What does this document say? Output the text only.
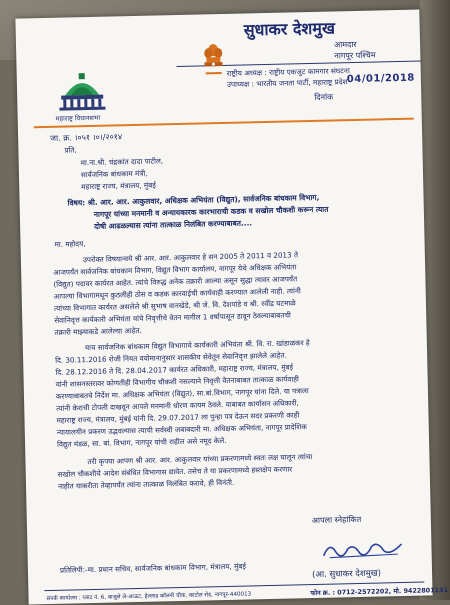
सुधाकर देशमुख
आमदार
नागपूर पश्चिम
राष्ट्रीय अध्यक्ष : राष्ट्रीय एकजुट कामगार संघटना
उपाध्यक्ष : भारतीय जनता पार्टी, महाराष्ट्र प्रदेश 04/01/2018
दिनांक
महाराष्ट्र विधानसभा
जा. क्र. ।०५१ ।०।/२०१४
प्रति,
मा.ना.श्री. चंद्रकांत दादा पाटील,
सार्वजनिक बांधकाम मंत्री,
महाराष्ट्र राज्य, मंत्रालय, मुंबई
विषय: श्री. आर. आर. आकुलवार, अधिक्षक अभियंता (विद्युत), सार्वजनिक बांधकाम विभाग,
नागपूर यांच्या मनमानी व अन्यायकारक कारभाराची कडक व सखोल चौकशी करून त्यात
दोषी आढळल्यास त्यांना तात्काळ निलंबित करण्याबाबत....
मा. महोदय,
उपरोक्त विषयान्वये श्री आर. आर. आकुलवार हे सन 2005 ते 2011 व 2013 ते
आजपर्यंत सार्वजनिक बांधकाम विभाग, विद्युत विभाग कार्यालय, नागपूर येथे अधिक्षक अभियंता
(विद्युत) पदावर कार्यरत आहेत. त्यांचे विरुद्ध अनेक तक्रारी आल्या असून सुद्धा त्यावर आजपर्यंत
आपल्या विभागामधून कुठलीही ठोस व कडक कारवाईची कार्यवाही करण्यात आलेली नाही. त्यांनी
त्यांच्या विभागात कार्यरत असलेले श्री सुभाष वानखेडे, श्री जे. वि. देशपांडे व श्री. रवींद्र घटमाळे
सेवानिवृत्त कार्यकारी अभियंता यांचे निवृत्तीचे वेतन मागील 1 वर्षापासून डावून ठेवल्याबाबतची
तक्रारी माझ्याकडे आलेल्या आहेत.
याच सार्वजनिक बांधकाम विद्युत विभागाचे कार्यकारी अभियंता श्री. वि. रा. खांडाळकर हे
दि. 30.11.2016 रोजी नियत वयोमानानुसार शासकीय सेवेतून सेवानिवृत्त झालेले आहेत.
दि. 28.12.2016 ते दि. 28.04.2017 कार्यरत अधिकारी, महाराष्ट्र राज्य, मंत्रालय, मुंबई
यांनी शासनस्तरावर कोणतीही विभागीय चौकशी नसल्याने निवृत्ती वेतनाबाबत तात्काळ कार्यवाही
करण्याबाबतचे निर्देश मा. अधिक्षक अभियंता (विद्युत), सा.बां.विभाग, नागपूर यांना दिले. या पत्राला
त्यांनी केराची टोपली दाखवून आपले मनमानी धोरण कायम ठेवले. याबाबत कार्यासन अधिकारी,
महाराष्ट्र राज्य, मंत्रालय, मुंबई यांनी दि. 29.07.2017 ला पुन्हा पत्र देऊन सदर प्रकरणी काही
न्यायालयीन प्रकरण उद्भवल्यास त्याची सर्वस्वी जबाबदारी मा. अधिक्षक अभियंता, नागपूर प्रादेशिक
विद्युत मंडळ, सा. बां. विभाग, नागपूर यांची राहील असे नमूद केले.
तरी कृपया आपण श्री आर. आर. आकुलवार यांच्या प्रकरणामध्ये स्वतः लक्ष घालून त्यांचा
सखोल चौकशीचे आदेश संबंधित विभागास द्यावेत. तसेच ते या प्रकरणामध्ये हस्तक्षेप करणार
नाहीत याकरीता तेव्हापर्यंत त्यांना तात्काळ निलंबित करावे, ही विनंती.
आपला स्नेहांकित
(आ. सुधाकर देशमुख)
प्रतिलिपी:-मा. प्रधान सचिव, सार्वजनिक बांधकाम विभाग, मंत्रालय, मुंबई
संपर्क कार्यालय : प्लाट नं. 6, बाजुले ले-आऊट, हेल्लाड कॉलनी चौक, काटोल रोड, नागपूर-440013	फोन क्र. : 0712-2572202, मो. 9422801131
